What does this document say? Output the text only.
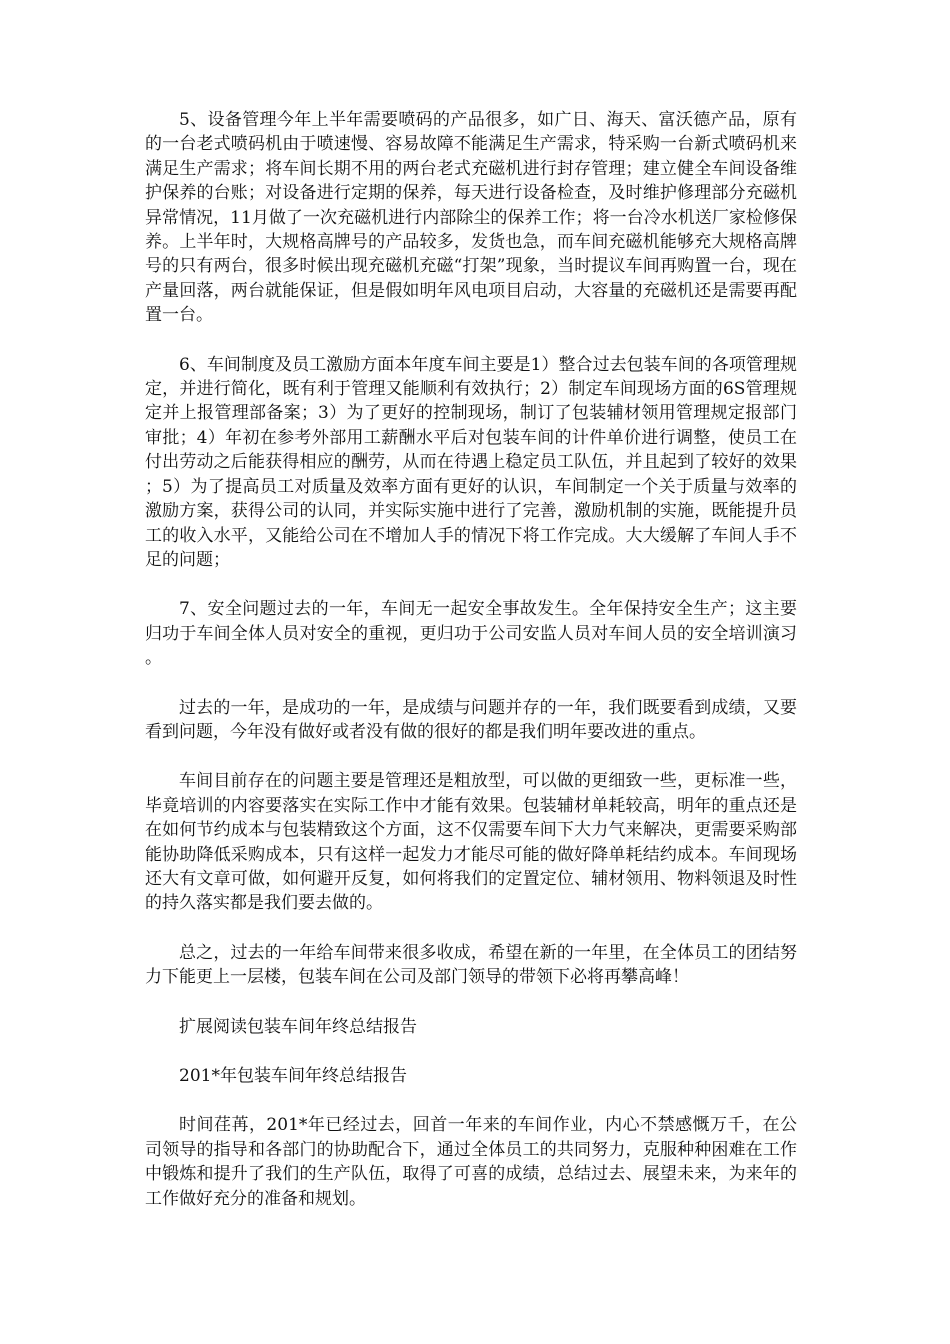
5、设备管理今年上半年需要喷码的产品很多，如广日、海天、富沃德产品，原有的一台老式喷码机由于喷速慢、容易故障不能满足生产需求，特采购一台新式喷码机来满足生产需求；将车间长期不用的两台老式充磁机进行封存管理；建立健全车间设备维护保养的台账；对设备进行定期的保养，每天进行设备检查，及时维护修理部分充磁机异常情况，11月做了一次充磁机进行内部除尘的保养工作；将一台冷水机送厂家检修保养。上半年时，大规格高牌号的产品较多，发货也急，而车间充磁机能够充大规格高牌号的只有两台，很多时候出现充磁机充磁“打架”现象，当时提议车间再购置一台，现在产量回落，两台就能保证，但是假如明年风电项目启动，大容量的充磁机还是需要再配置一台。

6、车间制度及员工激励方面本年度车间主要是1）整合过去包装车间的各项管理规定，并进行简化，既有利于管理又能顺利有效执行；2）制定车间现场方面的6S管理规定并上报管理部备案；3）为了更好的控制现场，制订了包装辅材领用管理规定报部门审批；4）年初在参考外部用工薪酬水平后对包装车间的计件单价进行调整，使员工在付出劳动之后能获得相应的酬劳，从而在待遇上稳定员工队伍，并且起到了较好的效果；5）为了提高员工对质量及效率方面有更好的认识，车间制定一个关于质量与效率的激励方案，获得公司的认同，并实际实施中进行了完善，激励机制的实施，既能提升员工的收入水平，又能给公司在不增加人手的情况下将工作完成。大大缓解了车间人手不足的问题；

7、安全问题过去的一年，车间无一起安全事故发生。全年保持安全生产；这主要归功于车间全体人员对安全的重视，更归功于公司安监人员对车间人员的安全培训演习。

过去的一年，是成功的一年，是成绩与问题并存的一年，我们既要看到成绩，又要看到问题，今年没有做好或者没有做的很好的都是我们明年要改进的重点。

车间目前存在的问题主要是管理还是粗放型，可以做的更细致一些，更标准一些，毕竟培训的内容要落实在实际工作中才能有效果。包装辅材单耗较高，明年的重点还是在如何节约成本与包装精致这个方面，这不仅需要车间下大力气来解决，更需要采购部能协助降低采购成本，只有这样一起发力才能尽可能的做好降单耗结约成本。车间现场还大有文章可做，如何避开反复，如何将我们的定置定位、辅材领用、物料领退及时性的持久落实都是我们要去做的。

总之，过去的一年给车间带来很多收成，希望在新的一年里，在全体员工的团结努力下能更上一层楼，包装车间在公司及部门领导的带领下必将再攀高峰！

扩展阅读包装车间年终总结报告

201*年包装车间年终总结报告

时间荏苒，201*年已经过去，回首一年来的车间作业，内心不禁感慨万千，在公司领导的指导和各部门的协助配合下，通过全体员工的共同努力，克服种种困难在工作中锻炼和提升了我们的生产队伍，取得了可喜的成绩，总结过去、展望未来，为来年的工作做好充分的准备和规划。
